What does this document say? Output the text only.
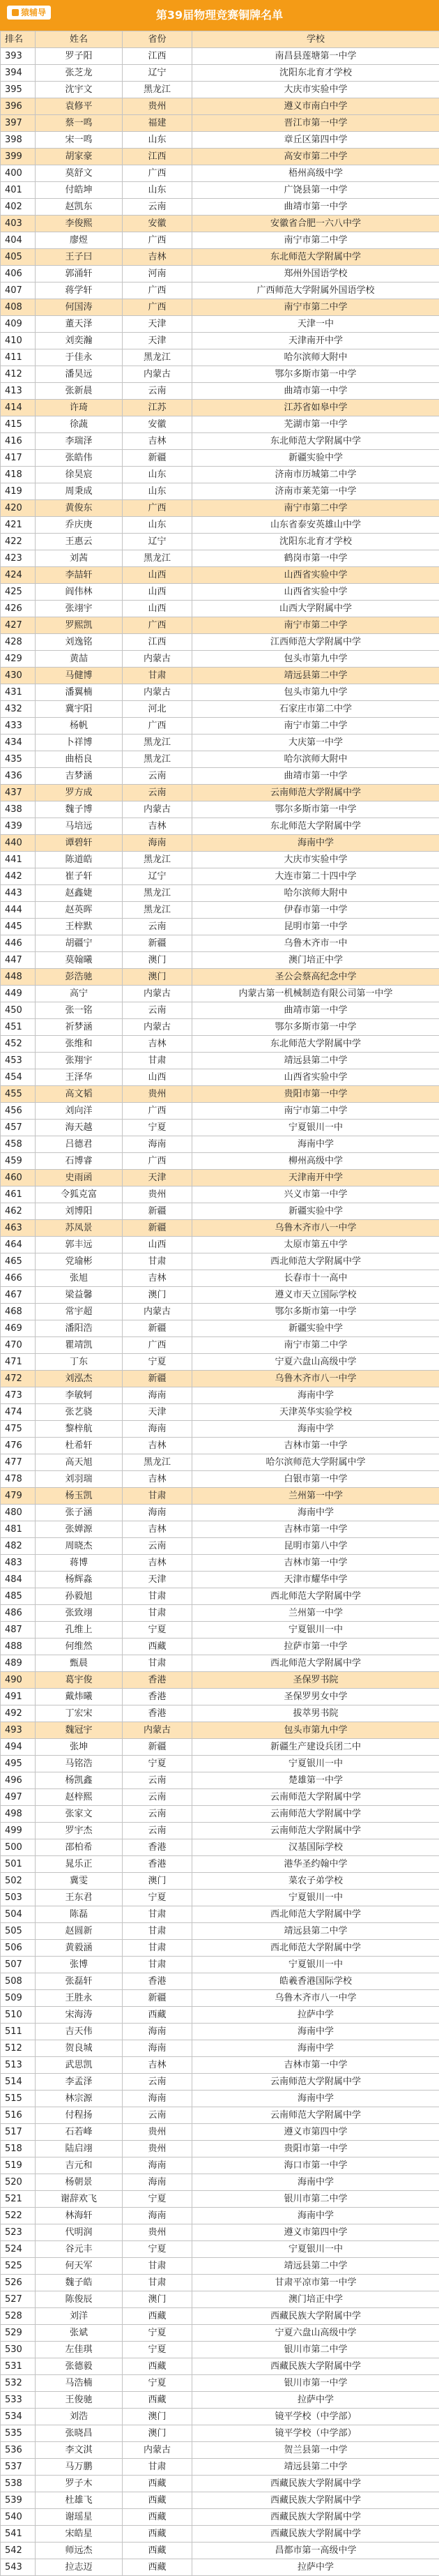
猿辅导	第39届物理竞赛铜牌名单
排名	姓名	省份	学校
393	罗子阳	江西	南昌县莲塘第一中学
394	张芝龙	辽宁	沈阳东北育才学校
395	沈宇文	黑龙江	大庆市实验中学
396	袁修平	贵州	遵义市南白中学
397	蔡一鸣	福建	晋江市第一中学
398	宋一鸣	山东	章丘区第四中学
399	胡家豪	江西	高安市第二中学
400	莫舒文	广西	梧州高级中学
401	付皓坤	山东	广饶县第一中学
402	赵凯东	云南	曲靖市第一中学
403	李俊熙	安徽	安徽省合肥一六八中学
404	廖煜	广西	南宁市第二中学
405	王子曰	吉林	东北师范大学附属中学
406	郭涌轩	河南	郑州外国语学校
407	蒋学轩	广西	广西师范大学附属外国语学校
408	何国涛	广西	南宁市第二中学
409	董天泽	天津	天津一中
410	刘奕瀚	天津	天津南开中学
411	于佳永	黑龙江	哈尔滨师大附中
412	潘昊远	内蒙古	鄂尔多斯市第一中学
413	张新晨	云南	曲靖市第一中学
414	许琦	江苏	江苏省如皋中学
415	徐蔬	安徽	芜湖市第一中学
416	李瑞泽	吉林	东北师范大学附属中学
417	张皓伟	新疆	新疆实验中学
418	徐昊宸	山东	济南市历城第二中学
419	周秉成	山东	济南市莱芜第一中学
420	黄俊东	广西	南宁市第二中学
421	乔庆庚	山东	山东省泰安英雄山中学
422	王惠云	辽宁	沈阳东北育才学校
423	刘茜	黑龙江	鹤岗市第一中学
424	李喆轩	山西	山西省实验中学
425	阎伟林	山西	山西省实验中学
426	张翊宇	山西	山西大学附属中学
427	罗熙凯	广西	南宁市第二中学
428	刘逸铭	江西	江西师范大学附属中学
429	黄喆	内蒙古	包头市第九中学
430	马健博	甘肃	靖远县第二中学
431	潘翼楠	内蒙古	包头市第九中学
432	冀宇阳	河北	石家庄市第二中学
433	杨帆	广西	南宁市第二中学
434	卜祥博	黑龙江	大庆第一中学
435	曲梧良	黑龙江	哈尔滨师大附中
436	吉梦涵	云南	曲靖市第一中学
437	罗方成	云南	云南师范大学附属中学
438	魏子博	内蒙古	鄂尔多斯市第一中学
439	马培远	吉林	东北师范大学附属中学
440	谭碧轩	海南	海南中学
441	陈道皓	黑龙江	大庆市实验中学
442	崔子轩	辽宁	大连市第二十四中学
443	赵鑫婕	黑龙江	哈尔滨师大附中
444	赵英晖	黑龙江	伊春市第一中学
445	王梓默	云南	昆明市第一中学
446	胡疆宁	新疆	乌鲁木齐市一中
447	莫翰曦	澳门	澳门培正中学
448	彭浩驰	澳门	圣公会蔡高纪念中学
449	高宁	内蒙古	内蒙古第一机械制造有限公司第一中学
450	张一铭	云南	曲靖市第一中学
451	祈梦涵	内蒙古	鄂尔多斯市第一中学
452	张维和	吉林	东北师范大学附属中学
453	张翔宇	甘肃	靖远县第二中学
454	王泽华	山西	山西省实验中学
455	高文韬	贵州	贵阳市第一中学
456	刘向洋	广西	南宁市第二中学
457	海天越	宁夏	宁夏银川一中
458	吕德君	海南	海南中学
459	石博睿	广西	柳州高级中学
460	史雨函	天津	天津南开中学
461	令狐克富	贵州	兴义市第一中学
462	刘博阳	新疆	新疆实验中学
463	苏凤景	新疆	乌鲁木齐市八一中学
464	郭丰远	山西	太原市第五中学
465	党瑜彬	甘肃	西北师范大学附属中学
466	张旭	吉林	长春市十一高中
467	梁益馨	澳门	遵义市天立国际学校
468	常宇超	内蒙古	鄂尔多斯市第一中学
469	潘阳浩	新疆	新疆实验中学
470	瞿靖凯	广西	南宁市第二中学
471	丁东	宁夏	宁夏六盘山高级中学
472	刘泓杰	新疆	乌鲁木齐市八一中学
473	李敏轲	海南	海南中学
474	张艺骁	天津	天津英华实验学校
475	黎梓航	海南	海南中学
476	杜希轩	吉林	吉林市第一中学
477	高天旭	黑龙江	哈尔滨师范大学附属中学
478	刘羽瑞	吉林	白银市第一中学
479	杨玉凯	甘肃	兰州第一中学
480	张子涵	海南	海南中学
481	张婵源	吉林	吉林市第一中学
482	周晓杰	云南	昆明市第八中学
483	蒋博	吉林	吉林市第一中学
484	杨辉淼	天津	天津市耀华中学
485	孙毅旭	甘肃	西北师范大学附属中学
486	张致翊	甘肃	兰州第一中学
487	孔维上	宁夏	宁夏银川一中
488	何维然	西藏	拉萨市第一中学
489	甄晨	甘肃	西北师范大学附属中学
490	葛宇俊	香港	圣保罗书院
491	戴炜曦	香港	圣保罗男女中学
492	丁宏宋	香港	拔萃男书院
493	魏冠宇	内蒙古	包头市第九中学
494	张坤	新疆	新疆生产建设兵团二中
495	马铭浩	宁夏	宁夏银川一中
496	杨凯鑫	云南	楚雄第一中学
497	赵梓熙	云南	云南师范大学附属中学
498	张家文	云南	云南师范大学附属中学
499	罗宇杰	云南	云南师范大学附属中学
500	邵柏希	香港	汉基国际学校
501	晁乐正	香港	港华圣约翰中学
502	冀雯	澳门	菜农子弟学校
503	王东君	宁夏	宁夏银川一中
504	陈磊	甘肃	西北师范大学附属中学
505	赵圆新	甘肃	靖远县第二中学
506	黄毅涵	甘肃	西北师范大学附属中学
507	张博	甘肃	宁夏银川一中
508	张磊轩	香港	皓羲香港国际学校
509	王胜永	新疆	乌鲁木齐市八一中学
510	宋海涛	西藏	拉萨中学
511	吉天伟	海南	海南中学
512	贺良城	海南	海南中学
513	武思凯	吉林	吉林市第一中学
514	李孟泽	云南	云南师范大学附属中学
515	林宗源	海南	海南中学
516	付程扬	云南	云南师范大学附属中学
517	石若峰	贵州	遵义市第四中学
518	陆启翊	贵州	贵阳市第一中学
519	吉元和	海南	海口市第一中学
520	杨朝景	海南	海南中学
521	谢辞欢飞	宁夏	银川市第二中学
522	林海轩	海南	海南中学
523	代明润	贵州	遵义市第四中学
524	谷元丰	宁夏	宁夏银川一中
525	何天军	甘肃	靖远县第二中学
526	魏子皓	甘肃	甘肃平凉市第一中学
527	陈俊辰	澳门	澳门培正中学
528	刘洋	西藏	西藏民族大学附属中学
529	张斌	宁夏	宁夏六盘山高级中学
530	左佳琪	宁夏	银川市第二中学
531	张德毅	西藏	西藏民族大学附属中学
532	马浩楠	宁夏	银川市第一中学
533	王俊驰	西藏	拉萨中学
534	刘浩	澳门	镜平学校（中学部）
535	张晓昌	澳门	镜平学校（中学部）
536	李文淇	内蒙古	贺兰县第一中学
537	马万鹏	甘肃	靖远县第二中学
538	罗子木	西藏	西藏民族大学附属中学
539	杜雄飞	西藏	西藏民族大学附属中学
540	谢瑶星	西藏	西藏民族大学附属中学
541	宋皓星	西藏	西藏民族大学附属中学
542	师远杰	西藏	昌都市第一高级中学
543	拉志迈	西藏	拉萨中学
